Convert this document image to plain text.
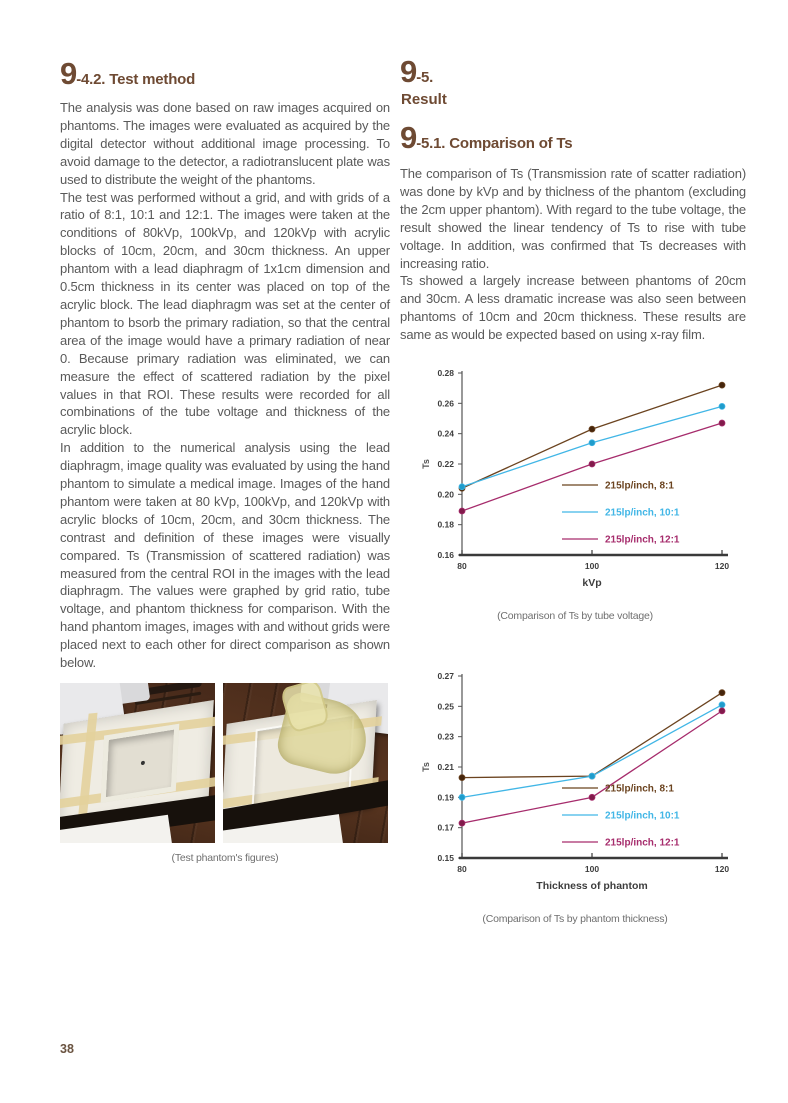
9-4.2. Test method

The analysis was done based on raw images acquired on phantoms. The images were evaluated as acquired by the digital detector without additional image processing. To avoid damage to the detector, a radiotranslucent plate was used to distribute the weight of the phantoms.

The test was performed without a grid, and with grids of a ratio of 8:1, 10:1 and 12:1. The images were taken at the conditions of 80kVp, 100kVp, and 120kVp with acrylic blocks of 10cm, 20cm, and 30cm thickness. An upper phantom with a lead diaphragm of 1x1cm dimension and 0.5cm thickness in its center was placed on top of the acrylic block. The lead diaphragm was set at the center of phantom to bsorb the primary radiation, so that the central area of the image would have a primary radiation of near 0. Because primary radiation was eliminated, we can measure the effect of scattered radiation by the pixel values in that ROI. These results were recorded for all combinations of the tube voltage and thickness of the acrylic block.

In addition to the numerical analysis using the lead diaphragm, image quality was evaluated by using the hand phantom to simulate a medical image. Images of the hand phantom were taken at 80 kVp, 100kVp, and 120kVp with acrylic blocks of 10cm, 20cm, and 30cm thickness. The contrast and definition of these images were visually compared. Ts (Transmission of scattered radiation) was measured from the central ROI in the images with the lead diaphragm. The values were graphed by grid ratio, tube voltage, and phantom thickness for comparison. With the hand phantom images, images with and without grids were placed next to each other for direct comparison as shown below.

(Test phantom's figures)
9-5.
Result
9-5.1. Comparison of Ts

The comparison of Ts (Transmission rate of scatter radiation) was done by kVp and by thiclness of the phantom (excluding the 2cm upper phantom). With regard to the tube voltage, the result showed the linear tendency of Ts to rise with tube voltage. In addition, was confirmed that Ts decreases with increasing ratio.

Ts showed a largely increase between phantoms of 20cm and 30cm. A less dramatic increase was also seen between phantoms of 10cm and 20cm thickness. These results are same as would be expected based on using x-ray film.

0.16
0.18
0.20
0.22
0.24
0.26
0.28
80	100	120
kVp
Ts
215lp/inch, 8:1
215lp/inch, 10:1
215lp/inch, 12:1
(Comparison of Ts by tube voltage)
0.15
0.17
0.19
0.21
0.23
0.25
0.27
80	100	120
Thickness of phantom
Ts
215lp/inch, 8:1
215lp/inch, 10:1
215lp/inch, 12:1
(Comparison of Ts by phantom thickness)
38
